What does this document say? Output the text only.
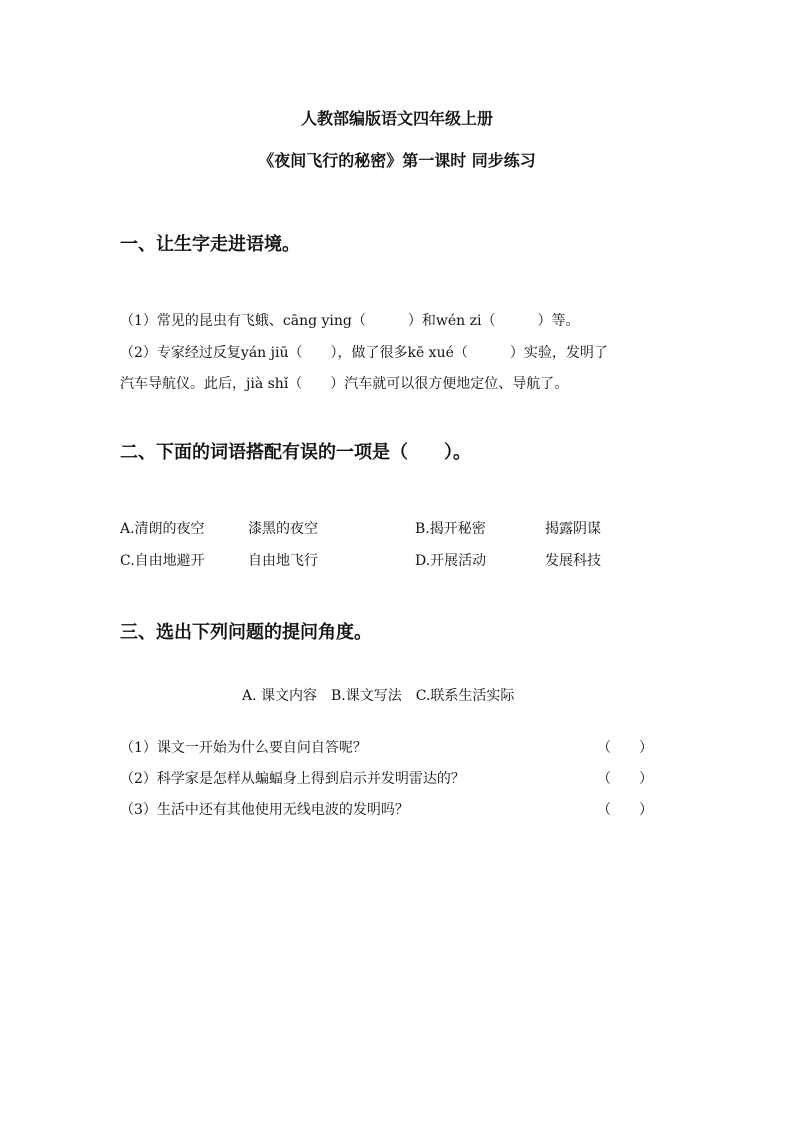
人教部编版语文四年级上册
《夜间飞行的秘密》第一课时 同步练习
一、让生字走进语境。
（1）常见的昆虫有飞蛾、cāng ying（　　　）和wén zi（　　　）等。
（2）专家经过反复yán jiū（　　），做了很多kē xué（　　　）实验，发明了
汽车导航仪。此后，jià shǐ（　　）汽车就可以很方便地定位、导航了。
二、下面的词语搭配有误的一项是（　　）。
A.清朗的夜空	漆黑的夜空	B.揭开秘密	揭露阴谋
C.自由地避开	自由地飞行	D.开展活动	发展科技
三、选出下列问题的提问角度。
A. 课文内容　B.课文写法　C.联系生活实际
（1）课文一开始为什么要自问自答呢？	（　　）
（2）科学家是怎样从蝙蝠身上得到启示并发明雷达的？	（　　）
（3）生活中还有其他使用无线电波的发明吗？	（　　）
